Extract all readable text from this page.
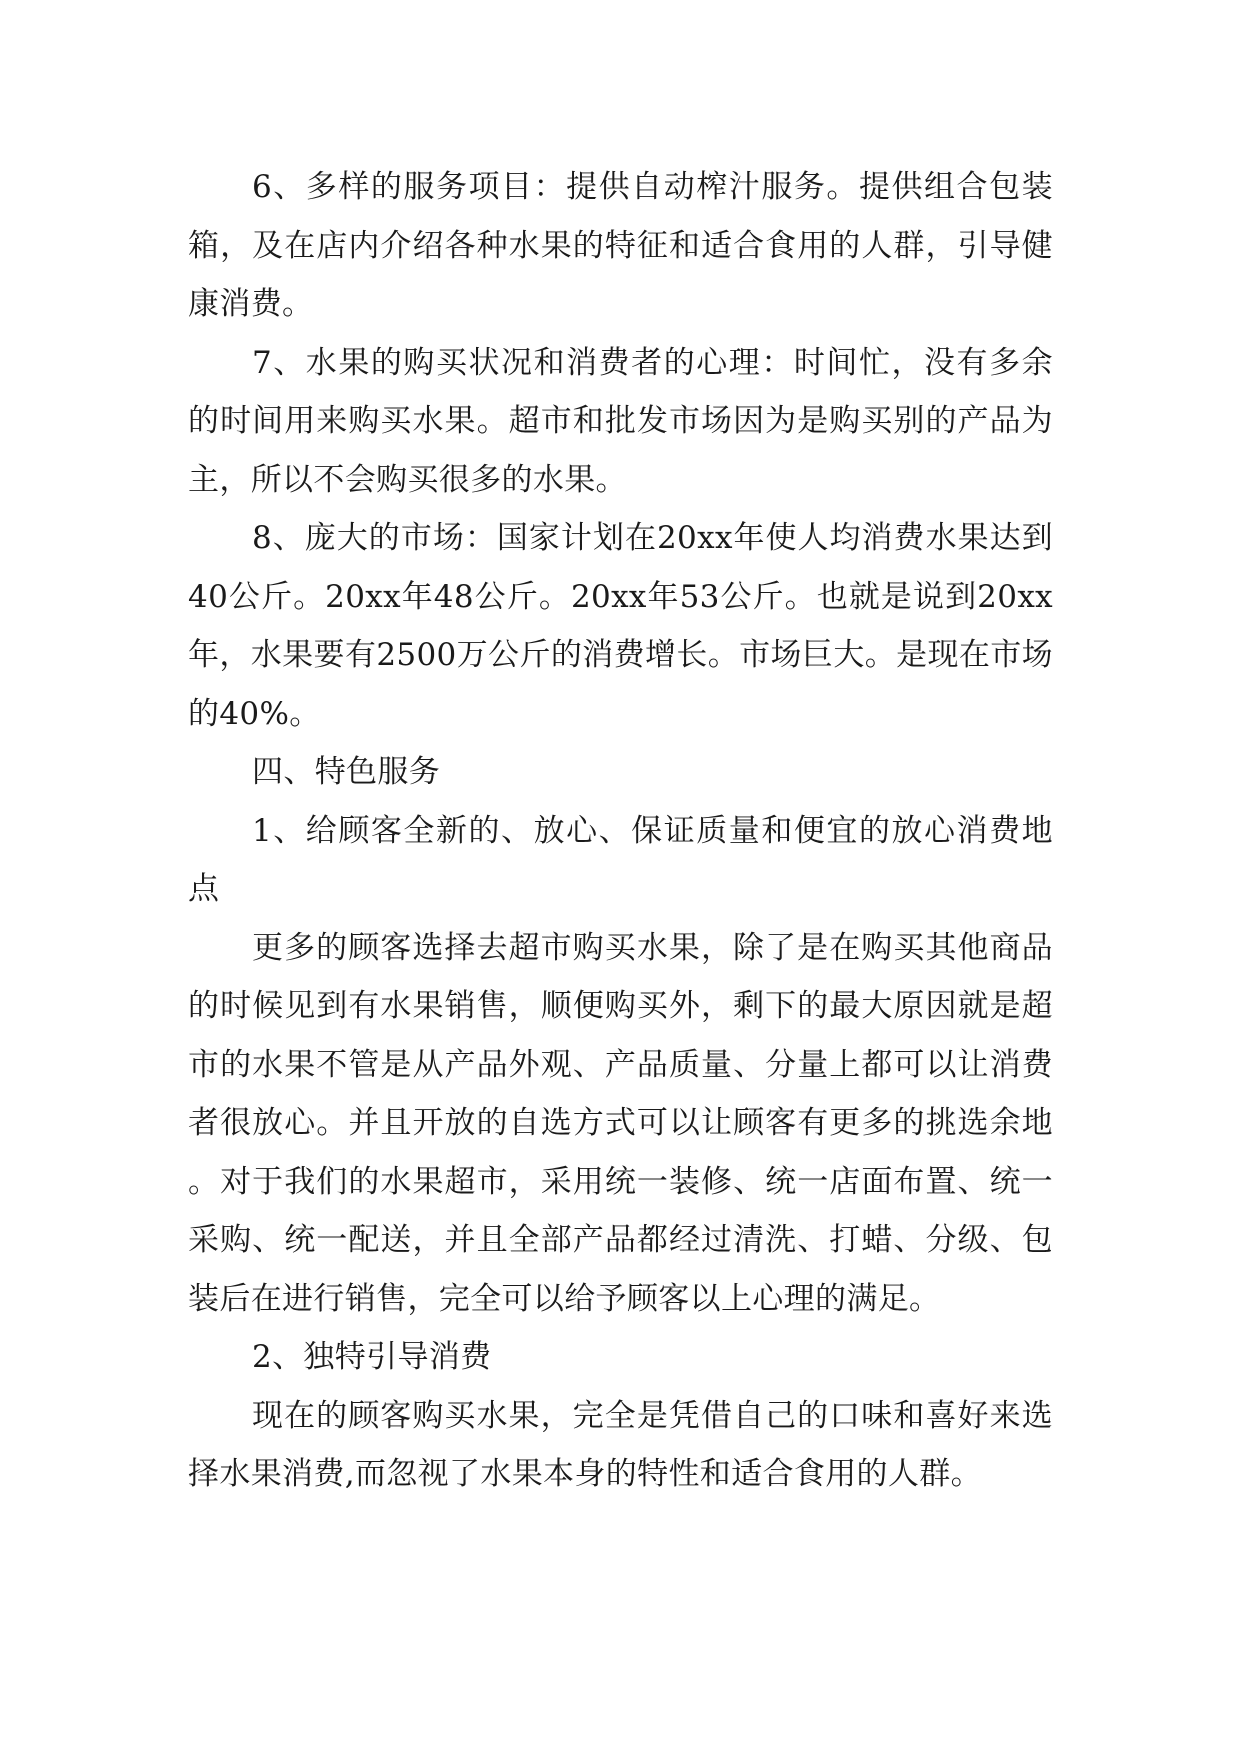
6、多样的服务项目：提供自动榨汁服务。提供组合包装箱，及在店内介绍各种水果的特征和适合食用的人群，引导健康消费。

7、水果的购买状况和消费者的心理：时间忙，没有多余的时间用来购买水果。超市和批发市场因为是购买别的产品为主，所以不会购买很多的水果。

8、庞大的市场：国家计划在20xx年使人均消费水果达到40公斤。20xx年48公斤。20xx年53公斤。也就是说到20xx年，水果要有2500万公斤的消费增长。市场巨大。是现在市场的40%。

四、特色服务

1、给顾客全新的、放心、保证质量和便宜的放心消费地点

更多的顾客选择去超市购买水果，除了是在购买其他商品的时候见到有水果销售，顺便购买外，剩下的最大原因就是超市的水果不管是从产品外观、产品质量、分量上都可以让消费者很放心。并且开放的自选方式可以让顾客有更多的挑选余地。对于我们的水果超市，采用统一装修、统一店面布置、统一采购、统一配送，并且全部产品都经过清洗、打蜡、分级、包装后在进行销售，完全可以给予顾客以上心理的满足。

2、独特引导消费

现在的顾客购买水果，完全是凭借自己的口味和喜好来选择水果消费,而忽视了水果本身的特性和适合食用的人群。
